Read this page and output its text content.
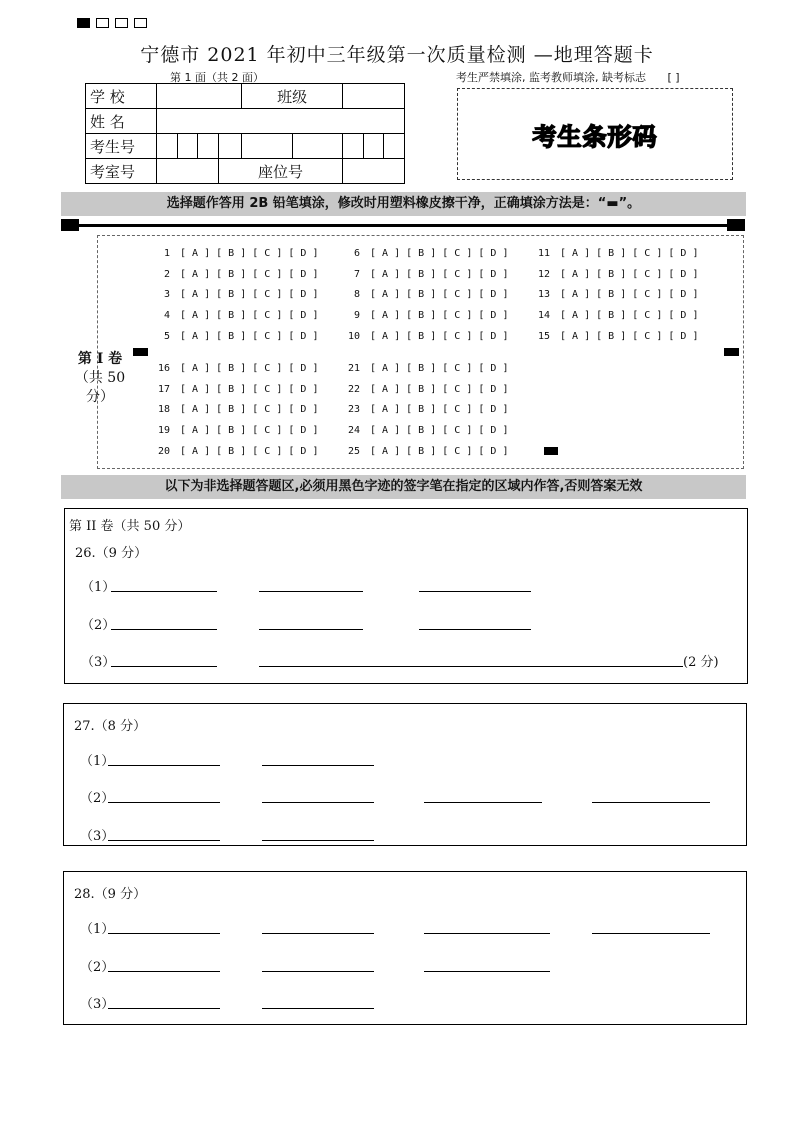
宁德市 2021 年初中三年级第一次质量检测 —地理答题卡
第 1 面（共 2 面）	考生严禁填涂, 监考教师填涂, 缺考标志 [ ]
学 校					班级				
姓 名									
考生号									
考室号				座位号					
考生条形码
选择题作答用 2B 铅笔填涂，修改时用塑料橡皮擦干净，正确填涂方法是：“▬”。
第 I 卷
（共 50 分）
1 [ A ] [ B ] [ C ] [ D ]
2 [ A ] [ B ] [ C ] [ D ]
3 [ A ] [ B ] [ C ] [ D ]
4 [ A ] [ B ] [ C ] [ D ]
5 [ A ] [ B ] [ C ] [ D ]
6 [ A ] [ B ] [ C ] [ D ]
7 [ A ] [ B ] [ C ] [ D ]
8 [ A ] [ B ] [ C ] [ D ]
9 [ A ] [ B ] [ C ] [ D ]
10 [ A ] [ B ] [ C ] [ D ]
11 [ A ] [ B ] [ C ] [ D ]
12 [ A ] [ B ] [ C ] [ D ]
13 [ A ] [ B ] [ C ] [ D ]
14 [ A ] [ B ] [ C ] [ D ]
15 [ A ] [ B ] [ C ] [ D ]
16 [ A ] [ B ] [ C ] [ D ]
17 [ A ] [ B ] [ C ] [ D ]
18 [ A ] [ B ] [ C ] [ D ]
19 [ A ] [ B ] [ C ] [ D ]
20 [ A ] [ B ] [ C ] [ D ]
21 [ A ] [ B ] [ C ] [ D ]
22 [ A ] [ B ] [ C ] [ D ]
23 [ A ] [ B ] [ C ] [ D ]
24 [ A ] [ B ] [ C ] [ D ]
25 [ A ] [ B ] [ C ] [ D ]
以下为非选择题答题区,必须用黑色字迹的签字笔在指定的区域内作答,否则答案无效
第 II 卷（共 50 分）
26.（9 分）
（1）
（2）
（3）	(2 分)
27.（8 分）
（1）
（2）
（3）
28.（9 分）
（1）
（2）
（3）
